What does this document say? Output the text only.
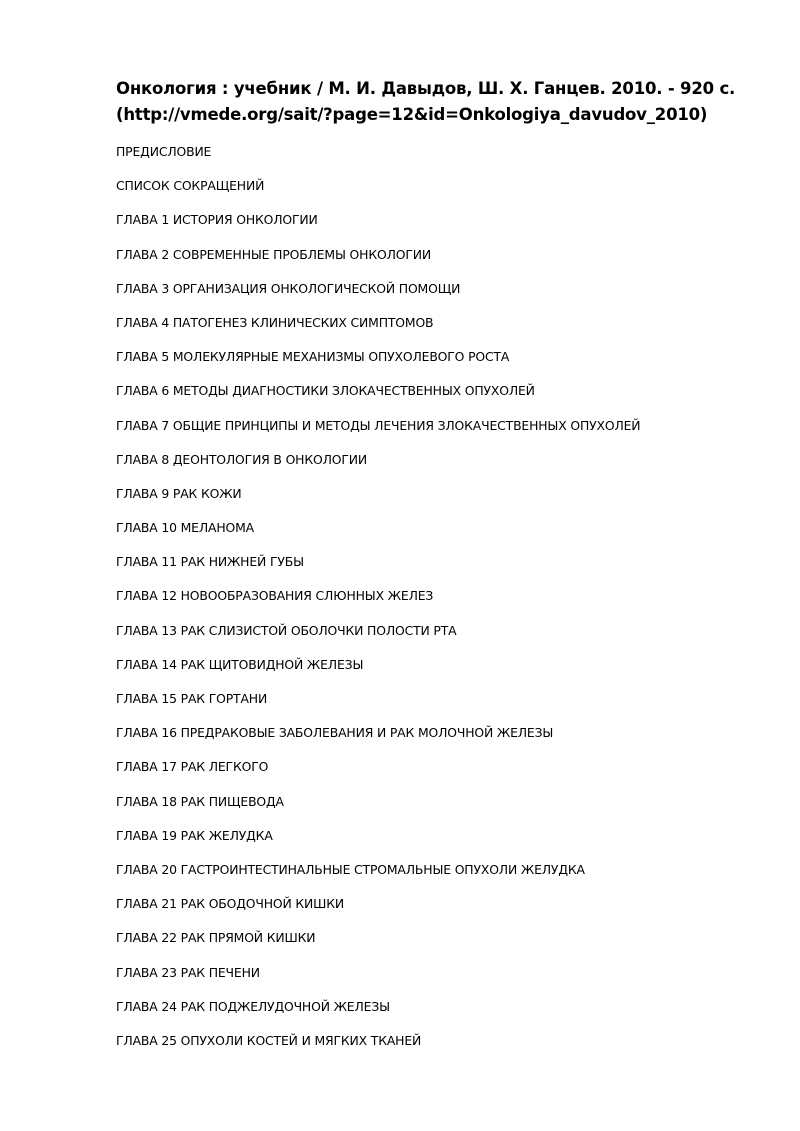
Онкология : учебник / М. И. Давыдов, Ш. Х. Ганцев. 2010. - 920 с.
(http://vmede.org/sait/?page=12&id=Onkologiya_davudov_2010)
ПРЕДИСЛОВИЕ
СПИСОК СОКРАЩЕНИЙ
ГЛАВА 1 ИСТОРИЯ ОНКОЛОГИИ
ГЛАВА 2 СОВРЕМЕННЫЕ ПРОБЛЕМЫ ОНКОЛОГИИ
ГЛАВА 3 ОРГАНИЗАЦИЯ ОНКОЛОГИЧЕСКОЙ ПОМОЩИ
ГЛАВА 4 ПАТОГЕНЕЗ КЛИНИЧЕСКИХ СИМПТОМОВ
ГЛАВА 5 МОЛЕКУЛЯРНЫЕ МЕХАНИЗМЫ ОПУХОЛЕВОГО РОСТА
ГЛАВА 6 МЕТОДЫ ДИАГНОСТИКИ ЗЛОКАЧЕСТВЕННЫХ ОПУХОЛЕЙ
ГЛАВА 7 ОБЩИЕ ПРИНЦИПЫ И МЕТОДЫ ЛЕЧЕНИЯ ЗЛОКАЧЕСТВЕННЫХ ОПУХОЛЕЙ
ГЛАВА 8 ДЕОНТОЛОГИЯ В ОНКОЛОГИИ
ГЛАВА 9 РАК КОЖИ
ГЛАВА 10 МЕЛАНОМА
ГЛАВА 11 РАК НИЖНЕЙ ГУБЫ
ГЛАВА 12 НОВООБРАЗОВАНИЯ СЛЮННЫХ ЖЕЛЕЗ
ГЛАВА 13 РАК СЛИЗИСТОЙ ОБОЛОЧКИ ПОЛОСТИ РТА
ГЛАВА 14 РАК ЩИТОВИДНОЙ ЖЕЛЕЗЫ
ГЛАВА 15 РАК ГОРТАНИ
ГЛАВА 16 ПРЕДРАКОВЫЕ ЗАБОЛЕВАНИЯ И РАК МОЛОЧНОЙ ЖЕЛЕЗЫ
ГЛАВА 17 РАК ЛЕГКОГО
ГЛАВА 18 РАК ПИЩЕВОДА
ГЛАВА 19 РАК ЖЕЛУДКА
ГЛАВА 20 ГАСТРОИНТЕСТИНАЛЬНЫЕ СТРОМАЛЬНЫЕ ОПУХОЛИ ЖЕЛУДКА
ГЛАВА 21 РАК ОБОДОЧНОЙ КИШКИ
ГЛАВА 22 РАК ПРЯМОЙ КИШКИ
ГЛАВА 23 РАК ПЕЧЕНИ
ГЛАВА 24 РАК ПОДЖЕЛУДОЧНОЙ ЖЕЛЕЗЫ
ГЛАВА 25 ОПУХОЛИ КОСТЕЙ И МЯГКИХ ТКАНЕЙ
